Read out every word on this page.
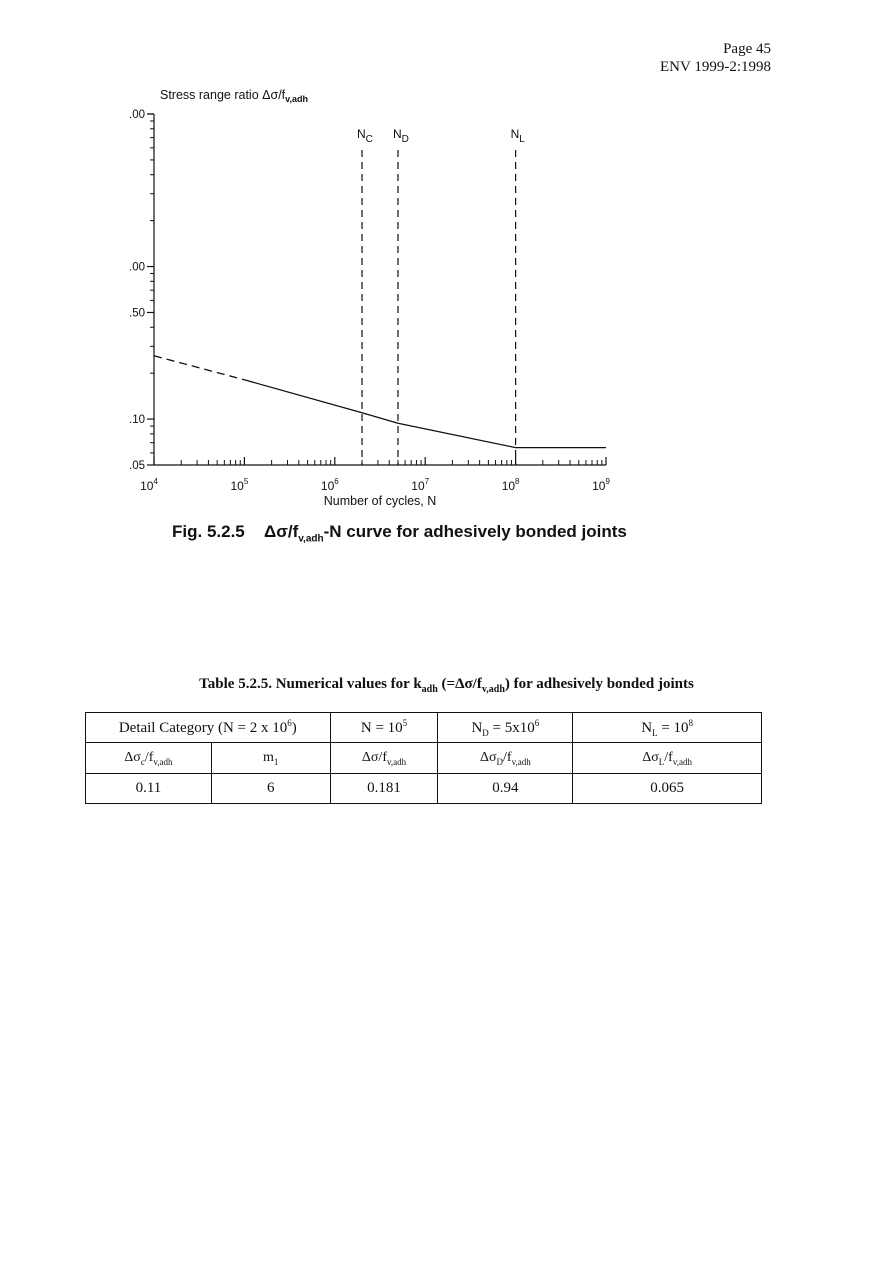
Page 45
ENV 1999-2:1998
Stress range ratio $\Delta\sigma/f_{v,adh}$
.00
.00
.50
.10
.05
$10^4$	$10^5$	$10^6$	$10^7$	$10^8$	$10^9$
Number of cycles, N
$N_C$ $N_D$	$N_L$
Fig. 5.2.5 $\Delta\sigma/f_{v,adh}-N$ curve for adhesively bonded joints
Table 5.2.5. Numerical values for $k_{adh}$ $(=\Delta\sigma/f_{v,adh})$ for adhesively bonded joints
Detail Category (N = 2 x $10^6$)		$N = 10^5$	$N_D = 5x10^6$	$N_L = 10^8$
$\Delta\sigma_c/f_{v,adh}$	$m_1$	$\Delta\sigma/f_{v,adh}$	$\Delta\sigma_D/f_{v,adh}$	$\Delta\sigma_L/f_{v,adh}$
0.11	6	0.181	0.94	0.065
